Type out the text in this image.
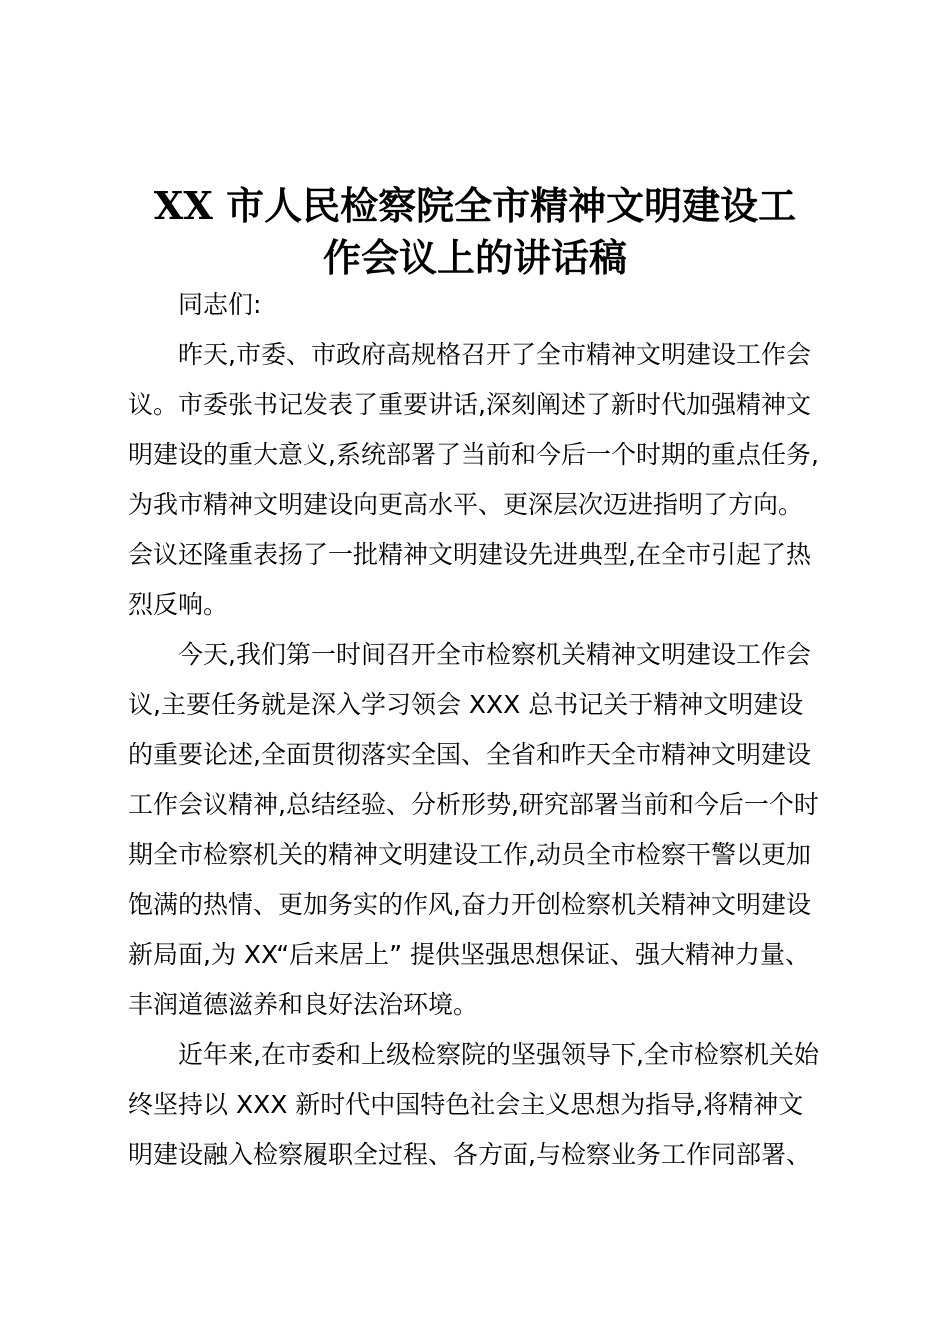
XX 市人民检察院全市精神文明建设工
作会议上的讲话稿
同志们:
昨天,市委、市政府高规格召开了全市精神文明建设工作会
议。市委张书记发表了重要讲话,深刻阐述了新时代加强精神文
明建设的重大意义,系统部署了当前和今后一个时期的重点任务,
为我市精神文明建设向更高水平、更深层次迈进指明了方向。
会议还隆重表扬了一批精神文明建设先进典型,在全市引起了热
烈反响。
今天,我们第一时间召开全市检察机关精神文明建设工作会
议,主要任务就是深入学习领会 XXX 总书记关于精神文明建设
的重要论述,全面贯彻落实全国、全省和昨天全市精神文明建设
工作会议精神,总结经验、分析形势,研究部署当前和今后一个时
期全市检察机关的精神文明建设工作,动员全市检察干警以更加
饱满的热情、更加务实的作风,奋力开创检察机关精神文明建设
新局面,为 XX“后来居上” 提供坚强思想保证、强大精神力量、
丰润道德滋养和良好法治环境。
近年来,在市委和上级检察院的坚强领导下,全市检察机关始
终坚持以 XXX 新时代中国特色社会主义思想为指导,将精神文
明建设融入检察履职全过程、各方面,与检察业务工作同部署、
